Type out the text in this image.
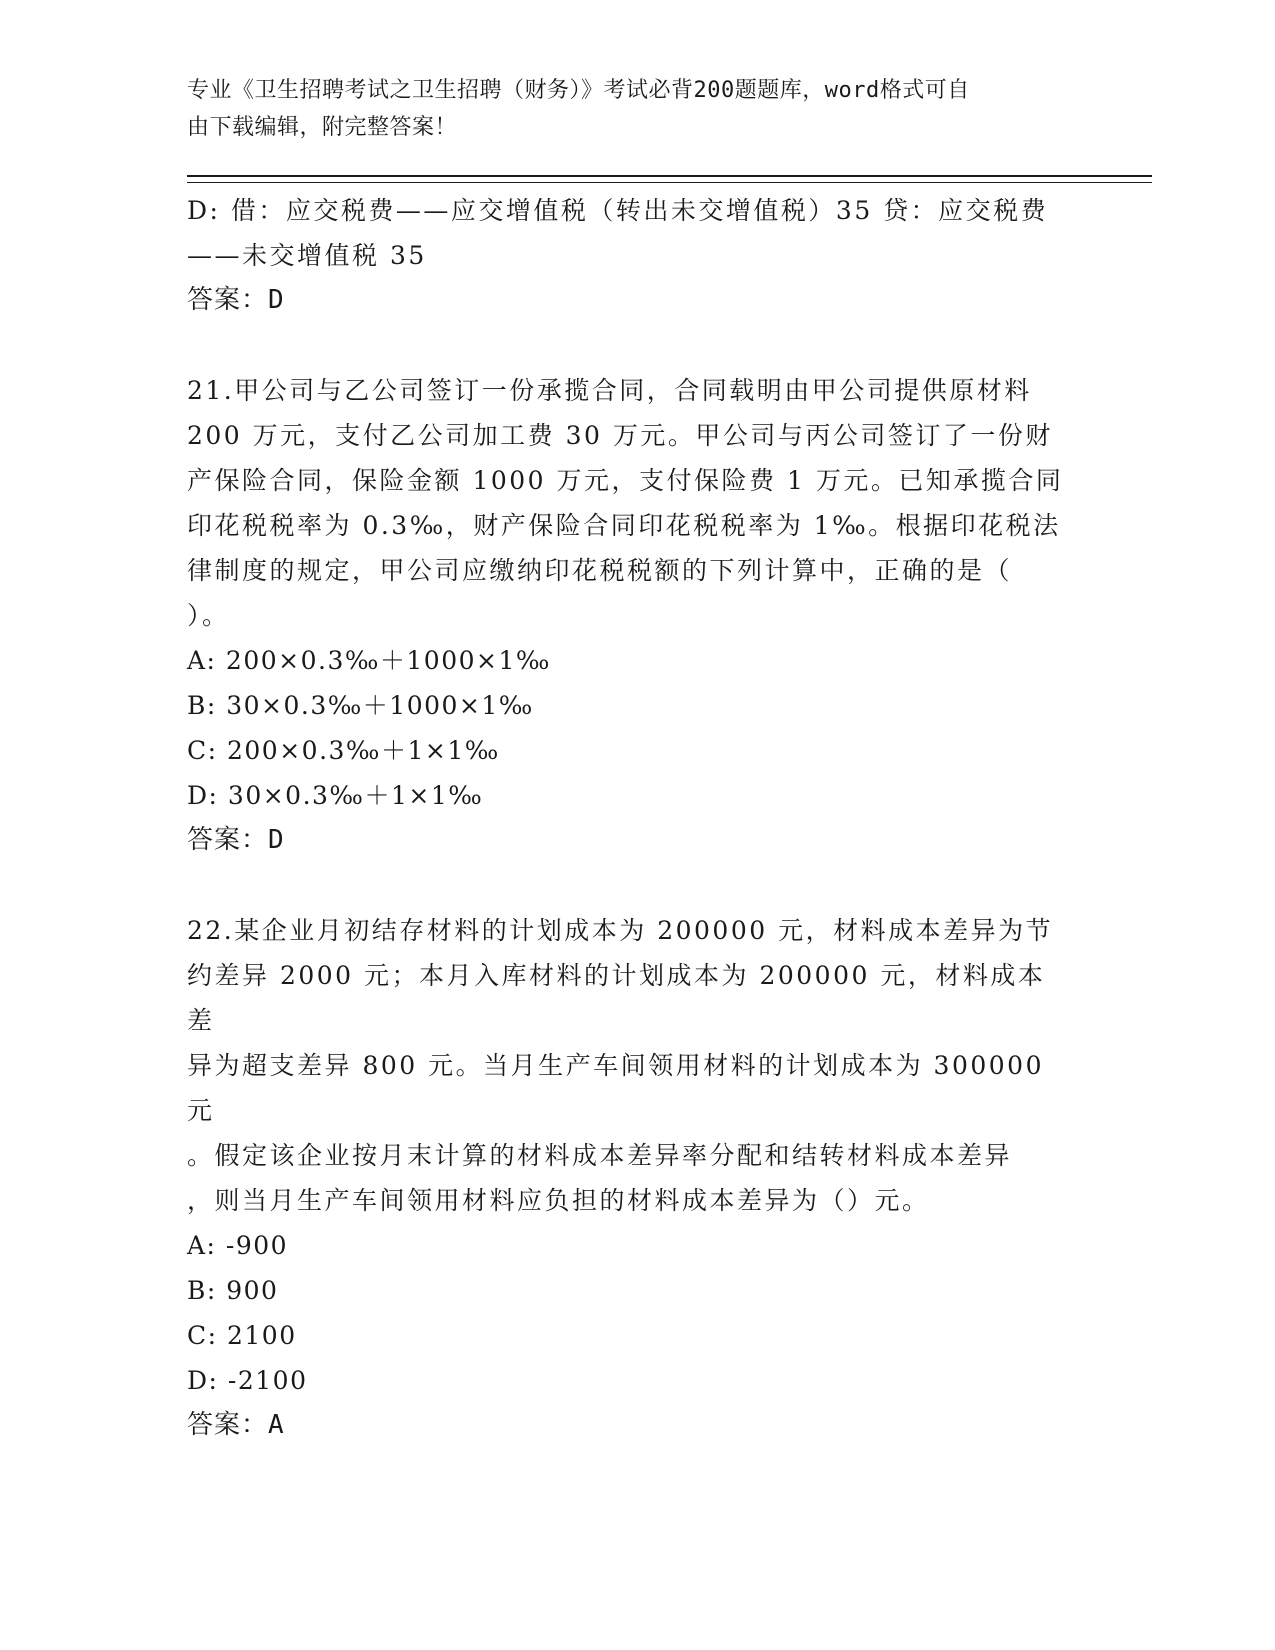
专业《卫生招聘考试之卫生招聘（财务）》考试必背200题题库，word格式可自
由下载编辑，附完整答案！

D: 借：应交税费——应交增值税（转出未交增值税）35 贷：应交税费

——未交增值税 35

答案：D

21.甲公司与乙公司签订一份承揽合同，合同载明由甲公司提供原材料

200 万元，支付乙公司加工费 30 万元。甲公司与丙公司签订了一份财

产保险合同，保险金额 1000 万元，支付保险费 1 万元。已知承揽合同

印花税税率为 0.3‰，财产保险合同印花税税率为 1‰。根据印花税法

律制度的规定，甲公司应缴纳印花税税额的下列计算中，正确的是（

）。

A: 200×0.3‰＋1000×1‰

B: 30×0.3‰＋1000×1‰

C: 200×0.3‰＋1×1‰

D: 30×0.3‰＋1×1‰

答案：D

22.某企业月初结存材料的计划成本为 200000 元，材料成本差异为节

约差异 2000 元；本月入库材料的计划成本为 200000 元，材料成本差

异为超支差异 800 元。当月生产车间领用材料的计划成本为 300000 元

。假定该企业按月末计算的材料成本差异率分配和结转材料成本差异

，则当月生产车间领用材料应负担的材料成本差异为（）元。

A: -900

B: 900

C: 2100

D: -2100

答案：A
